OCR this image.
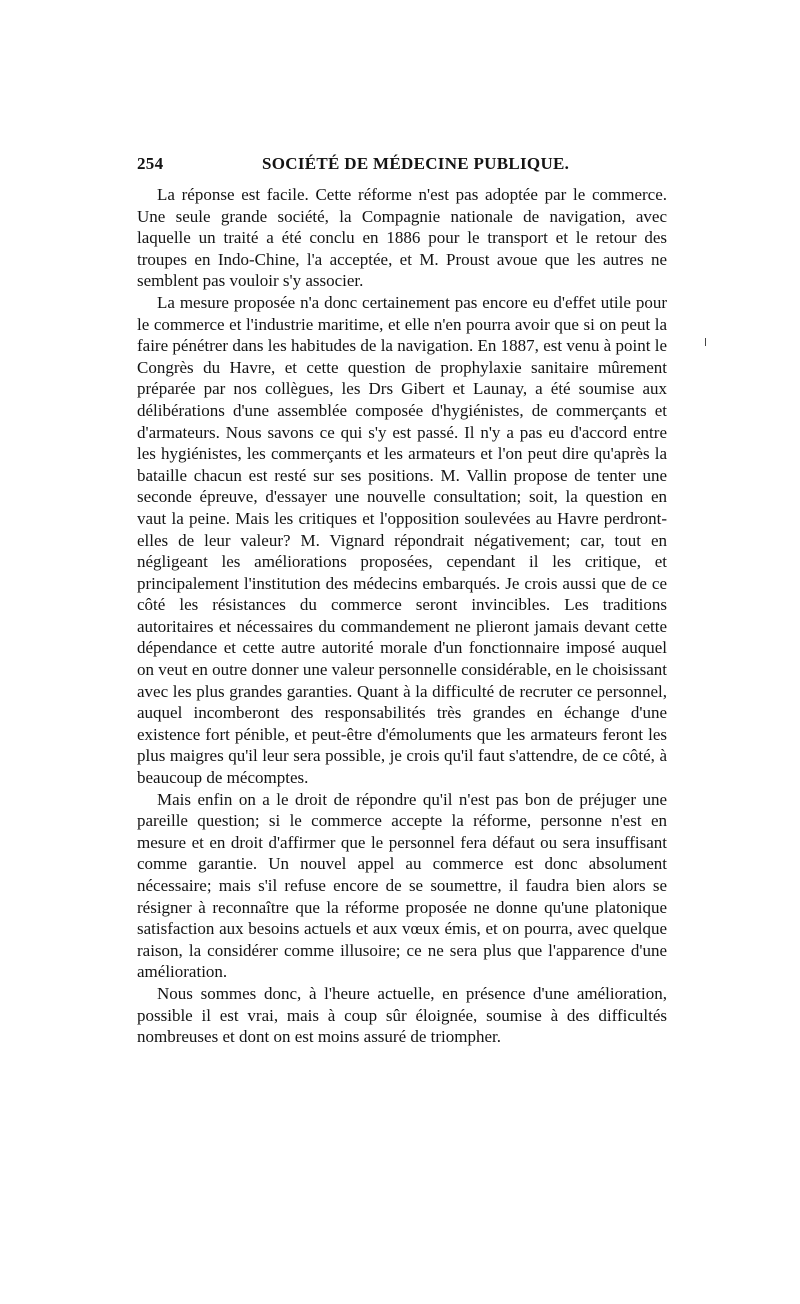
254	SOCIÉTÉ DE MÉDECINE PUBLIQUE.

La réponse est facile. Cette réforme n'est pas adoptée par le commerce. Une seule grande société, la Compagnie nationale de navigation, avec laquelle un traité a été conclu en 1886 pour le transport et le retour des troupes en Indo-Chine, l'a acceptée, et M. Proust avoue que les autres ne semblent pas vouloir s'y associer.

La mesure proposée n'a donc certainement pas encore eu d'effet utile pour le commerce et l'industrie maritime, et elle n'en pourra avoir que si on peut la faire pénétrer dans les habitudes de la navigation. En 1887, est venu à point le Congrès du Havre, et cette question de prophylaxie sanitaire mûrement préparée par nos collègues, les Drs Gibert et Launay, a été soumise aux délibérations d'une assemblée composée d'hygiénistes, de commerçants et d'armateurs. Nous savons ce qui s'y est passé. Il n'y a pas eu d'accord entre les hygiénistes, les commerçants et les armateurs et l'on peut dire qu'après la bataille chacun est resté sur ses positions. M. Vallin propose de tenter une seconde épreuve, d'essayer une nouvelle consultation; soit, la question en vaut la peine. Mais les critiques et l'opposition soulevées au Havre perdront-elles de leur valeur? M. Vignard répondrait négativement; car, tout en négligeant les améliorations proposées, cependant il les critique, et principalement l'institution des médecins embarqués. Je crois aussi que de ce côté les résistances du commerce seront invincibles. Les traditions autoritaires et nécessaires du commandement ne plieront jamais devant cette dépendance et cette autre autorité morale d'un fonctionnaire imposé auquel on veut en outre donner une valeur personnelle considérable, en le choisissant avec les plus grandes garanties. Quant à la difficulté de recruter ce personnel, auquel incomberont des responsabilités très grandes en échange d'une existence fort pénible, et peut-être d'émoluments que les armateurs feront les plus maigres qu'il leur sera possible, je crois qu'il faut s'attendre, de ce côté, à beaucoup de mécomptes.

Mais enfin on a le droit de répondre qu'il n'est pas bon de préjuger une pareille question; si le commerce accepte la réforme, personne n'est en mesure et en droit d'affirmer que le personnel fera défaut ou sera insuffisant comme garantie. Un nouvel appel au commerce est donc absolument nécessaire; mais s'il refuse encore de se soumettre, il faudra bien alors se résigner à reconnaître que la réforme proposée ne donne qu'une platonique satisfaction aux besoins actuels et aux vœux émis, et on pourra, avec quelque raison, la considérer comme illusoire; ce ne sera plus que l'apparence d'une amélioration.

Nous sommes donc, à l'heure actuelle, en présence d'une amélioration, possible il est vrai, mais à coup sûr éloignée, soumise à des difficultés nombreuses et dont on est moins assuré de triompher.
